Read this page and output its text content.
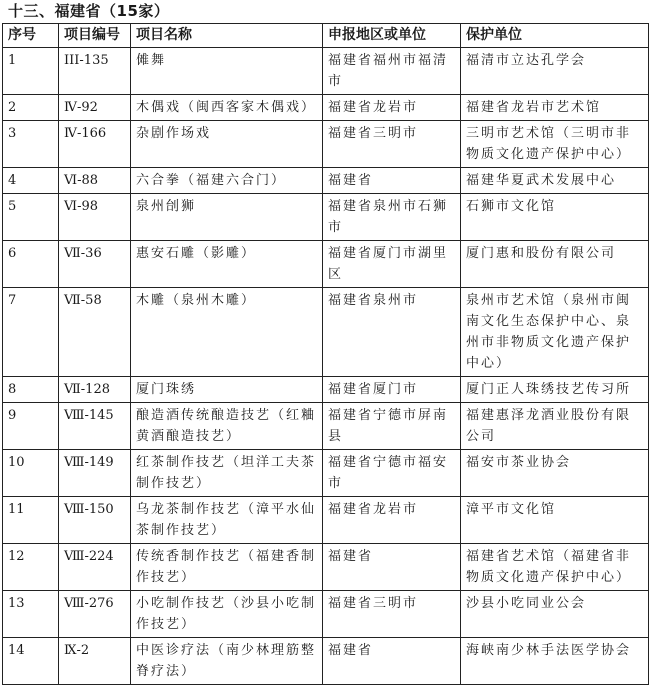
十三、福建省（15家）
序号	项目编号	项目名称	申报地区或单位	保护单位
1	III-135	傩舞	福建省福州市福清市	福清市立达孔学会
2	Ⅳ-92	木偶戏（闽西客家木偶戏）	福建省龙岩市	福建省龙岩市艺术馆
3	Ⅳ-166	杂剧作场戏	福建省三明市	三明市艺术馆（三明市非物质文化遗产保护中心）
4	Ⅵ-88	六合拳（福建六合门）	福建省	福建华夏武术发展中心
5	Ⅵ-98	泉州刣狮	福建省泉州市石狮市	石狮市文化馆
6	Ⅶ-36	惠安石雕（影雕）	福建省厦门市湖里区	厦门惠和股份有限公司
7	Ⅶ-58	木雕（泉州木雕）	福建省泉州市	泉州市艺术馆（泉州市闽南文化生态保护中心、泉州市非物质文化遗产保护中心）
8	Ⅶ-128	厦门珠绣	福建省厦门市	厦门正人珠绣技艺传习所
9	Ⅷ-145	酿造酒传统酿造技艺（红粬黄酒酿造技艺）	福建省宁德市屏南县	福建惠泽龙酒业股份有限公司
10	Ⅷ-149	红茶制作技艺（坦洋工夫茶制作技艺）	福建省宁德市福安市	福安市茶业协会
11	Ⅷ-150	乌龙茶制作技艺（漳平水仙茶制作技艺）	福建省龙岩市	漳平市文化馆
12	Ⅷ-224	传统香制作技艺（福建香制作技艺）	福建省	福建省艺术馆（福建省非物质文化遗产保护中心）
13	Ⅷ-276	小吃制作技艺（沙县小吃制作技艺）	福建省三明市	沙县小吃同业公会
14	Ⅸ-2	中医诊疗法（南少林理筋整脊疗法）	福建省	海峡南少林手法医学协会
